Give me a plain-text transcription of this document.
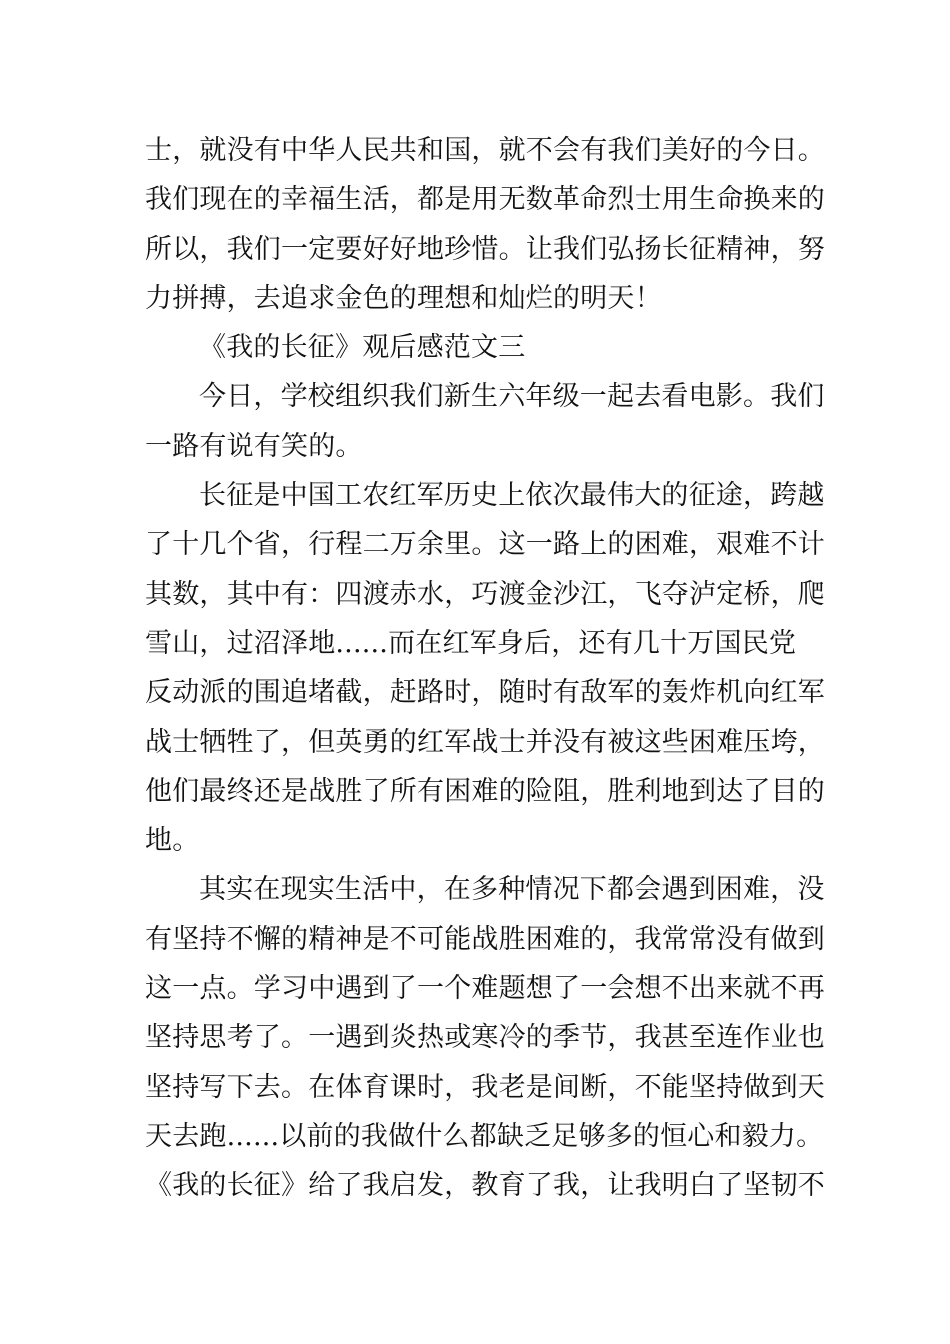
士，就没有中华人民共和国，就不会有我们美好的今日。
我们现在的幸福生活，都是用无数革命烈士用生命换来的
所以，我们一定要好好地珍惜。让我们弘扬长征精神，努
力拼搏，去追求金色的理想和灿烂的明天！
《我的长征》观后感范文三
今日，学校组织我们新生六年级一起去看电影。我们
一路有说有笑的。
长征是中国工农红军历史上依次最伟大的征途，跨越
了十几个省，行程二万余里。这一路上的困难，艰难不计
其数，其中有：四渡赤水，巧渡金沙江，飞夺泸定桥，爬
雪山，过沼泽地......而在红军身后，还有几十万国民党
反动派的围追堵截，赶路时，随时有敌军的轰炸机向红军
战士牺牲了，但英勇的红军战士并没有被这些困难压垮，
他们最终还是战胜了所有困难的险阻，胜利地到达了目的
地。
其实在现实生活中，在多种情况下都会遇到困难，没
有坚持不懈的精神是不可能战胜困难的，我常常没有做到
这一点。学习中遇到了一个难题想了一会想不出来就不再
坚持思考了。一遇到炎热或寒冷的季节，我甚至连作业也
坚持写下去。在体育课时，我老是间断，不能坚持做到天
天去跑......以前的我做什么都缺乏足够多的恒心和毅力。
《我的长征》给了我启发，教育了我，让我明白了坚韧不
